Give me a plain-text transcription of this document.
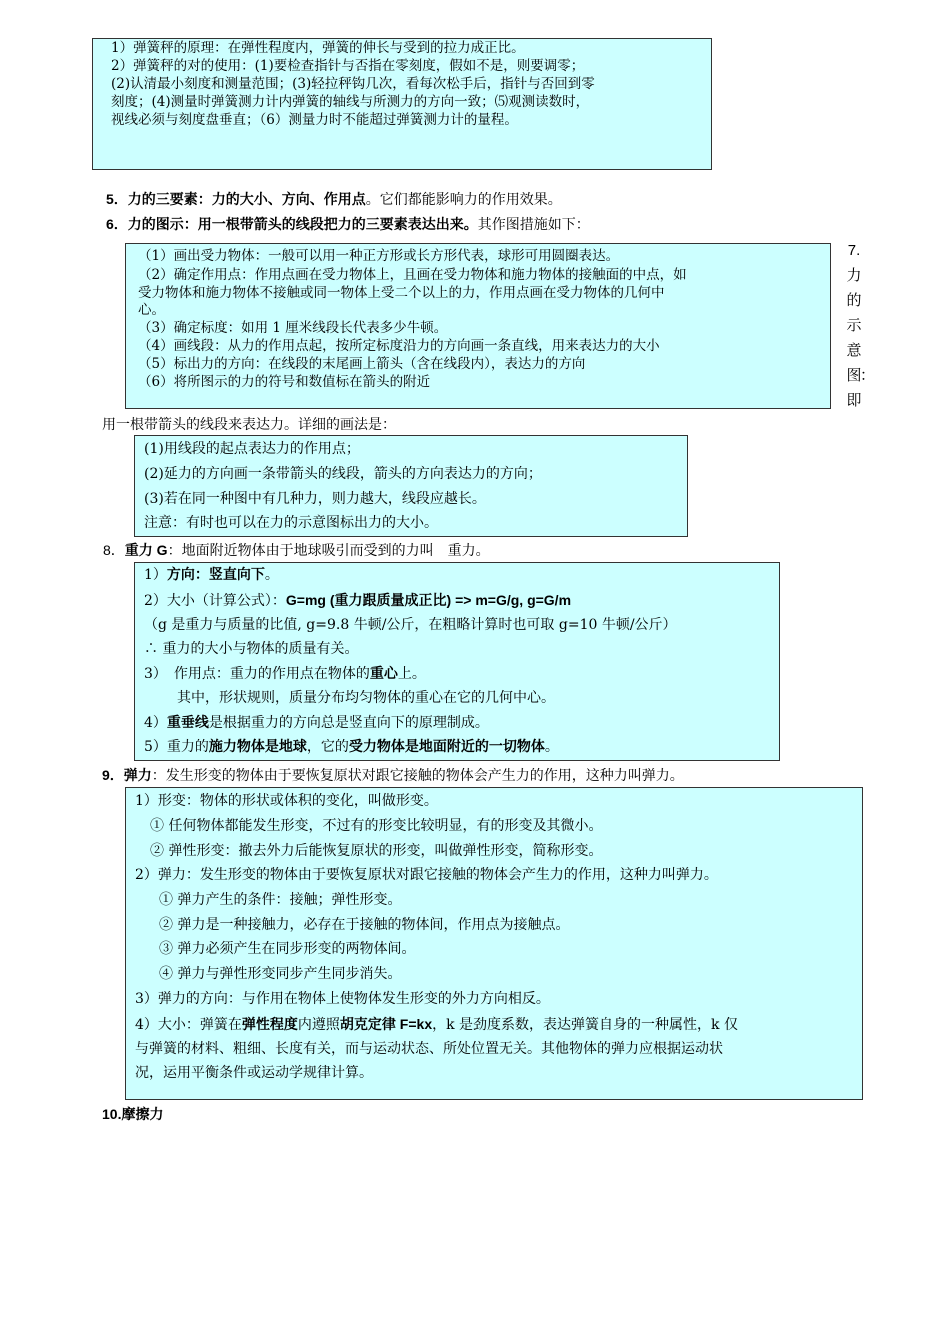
1）弹簧秤的原理：在弹性程度内，弹簧的伸长与受到的拉力成正比。
2）弹簧秤的对的使用：(1)要检查指针与否指在零刻度，假如不是，则要调零；
(2)认清最小刻度和测量范围；(3)轻拉秤钩几次，看每次松手后，指针与否回到零
刻度；(4)测量时弹簧测力计内弹簧的轴线与所测力的方向一致；⑸观测读数时，
视线必须与刻度盘垂直；（6）测量力时不能超过弹簧测力计的量程。
5．力的三要素：力的大小、方向、作用点。它们都能影响力的作用效果。
6．力的图示：用一根带箭头的线段把力的三要素表达出来。其作图措施如下：
（1）画出受力物体：一般可以用一种正方形或长方形代表，球形可用圆圈表达。
（2）确定作用点：作用点画在受力物体上，且画在受力物体和施力物体的接触面的中点，如
受力物体和施力物体不接触或同一物体上受二个以上的力，作用点画在受力物体的几何中
心。
（3）确定标度：如用 1 厘米线段长代表多少牛顿。
（4）画线段：从力的作用点起，按所定标度沿力的方向画一条直线，用来表达力的大小
（5）标出力的方向：在线段的末尾画上箭头（含在线段内），表达力的方向
（6）将所图示的力的符号和数值标在箭头的附近
7.
力
的
示
意
图
：
即
用一根带箭头的线段来表达力。详细的画法是：
(1)用线段的起点表达力的作用点；
(2)延力的方向画一条带箭头的线段，箭头的方向表达力的方向；
(3)若在同一种图中有几种力，则力越大，线段应越长。
注意：有时也可以在力的示意图标出力的大小。
8．重力 G：地面附近物体由于地球吸引而受到的力叫　重力。
1）方向：竖直向下。
2）大小（计算公式）：G=mg (重力跟质量成正比) => m=G/g, g=G/m
（g 是重力与质量的比值, g=9.8 牛顿/公斤，在粗略计算时也可取 g=10 牛顿/公斤）
∴ 重力的大小与物体的质量有关。
3）　作用点：重力的作用点在物体的重心上。
其中，形状规则，质量分布均匀物体的重心在它的几何中心。
4）重垂线是根据重力的方向总是竖直向下的原理制成。
5）重力的施力物体是地球，它的受力物体是地面附近的一切物体。
9．弹力：发生形变的物体由于要恢复原状对跟它接触的物体会产生力的作用，这种力叫弹力。
1）形变：物体的形状或体积的变化，叫做形变。
① 任何物体都能发生形变，不过有的形变比较明显，有的形变及其微小。
② 弹性形变：撤去外力后能恢复原状的形变，叫做弹性形变，简称形变。
2）弹力：发生形变的物体由于要恢复原状对跟它接触的物体会产生力的作用，这种力叫弹力。
① 弹力产生的条件：接触；弹性形变。
② 弹力是一种接触力，必存在于接触的物体间，作用点为接触点。
③ 弹力必须产生在同步形变的两物体间。
④ 弹力与弹性形变同步产生同步消失。
3）弹力的方向：与作用在物体上使物体发生形变的外力方向相反。
4）大小：弹簧在弹性程度内遵照胡克定律 F=kx，k 是劲度系数，表达弹簧自身的一种属性，k 仅
与弹簧的材料、粗细、长度有关，而与运动状态、所处位置无关。其他物体的弹力应根据运动状
况，运用平衡条件或运动学规律计算。
10.摩擦力
